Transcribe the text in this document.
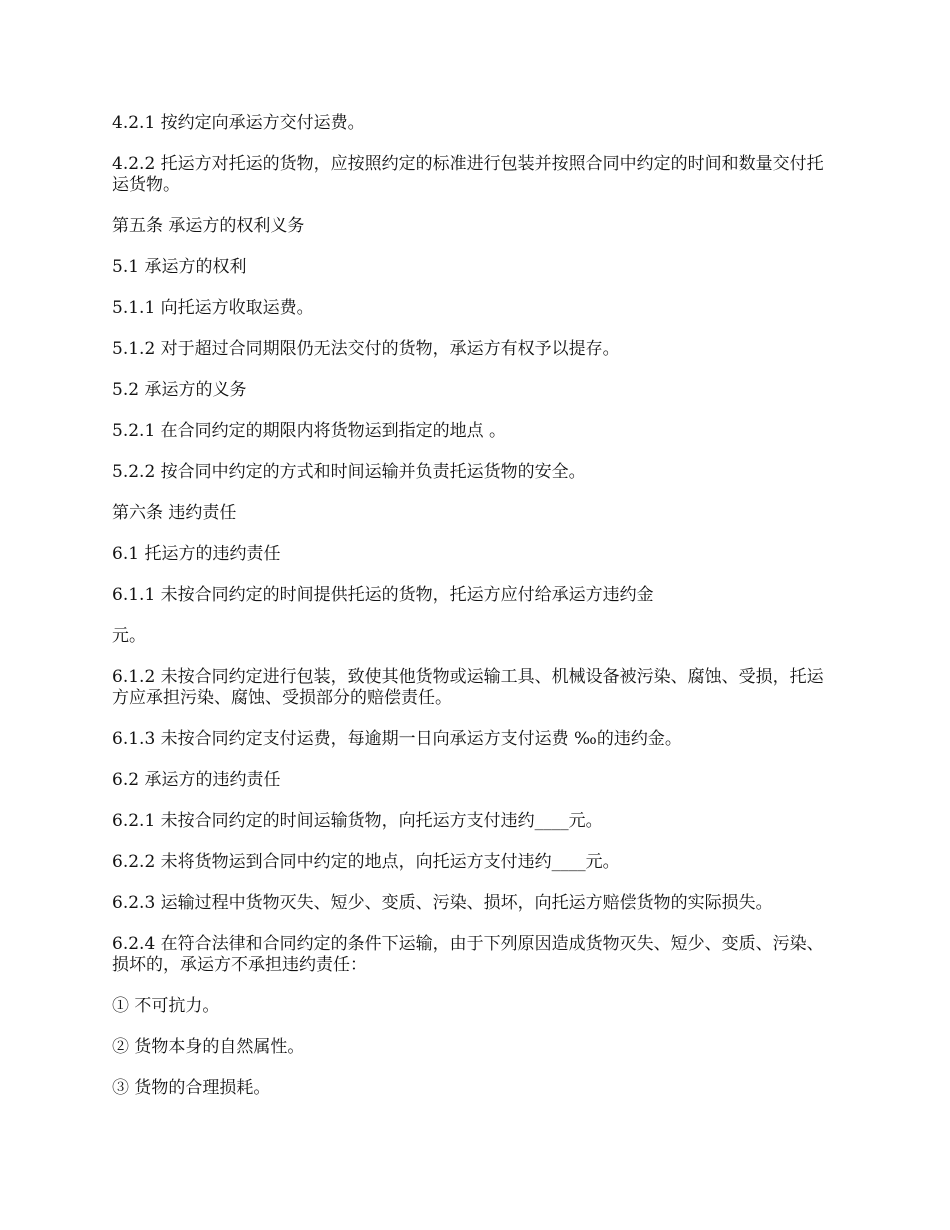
4.2.1 按约定向承运方交付运费。

4.2.2 托运方对托运的货物，应按照约定的标准进行包装并按照合同中约定的时间和数量交付托运货物。

第五条 承运方的权利义务

5.1 承运方的权利

5.1.1 向托运方收取运费。

5.1.2 对于超过合同期限仍无法交付的货物，承运方有权予以提存。

5.2 承运方的义务

5.2.1 在合同约定的期限内将货物运到指定的地点 。

5.2.2 按合同中约定的方式和时间运输并负责托运货物的安全。

第六条 违约责任

6.1 托运方的违约责任

6.1.1 未按合同约定的时间提供托运的货物，托运方应付给承运方违约金

元。

6.1.2 未按合同约定进行包装，致使其他货物或运输工具、机械设备被污染、腐蚀、受损，托运方应承担污染、腐蚀、受损部分的赔偿责任。

6.1.3 未按合同约定支付运费，每逾期一日向承运方支付运费 ‰的违约金。

6.2 承运方的违约责任

6.2.1 未按合同约定的时间运输货物，向托运方支付违约____元。

6.2.2 未将货物运到合同中约定的地点，向托运方支付违约____元。

6.2.3 运输过程中货物灭失、短少、变质、污染、损坏，向托运方赔偿货物的实际损失。

6.2.4 在符合法律和合同约定的条件下运输，由于下列原因造成货物灭失、短少、变质、污染、损坏的，承运方不承担违约责任：

① 不可抗力。

② 货物本身的自然属性。

③ 货物的合理损耗。
